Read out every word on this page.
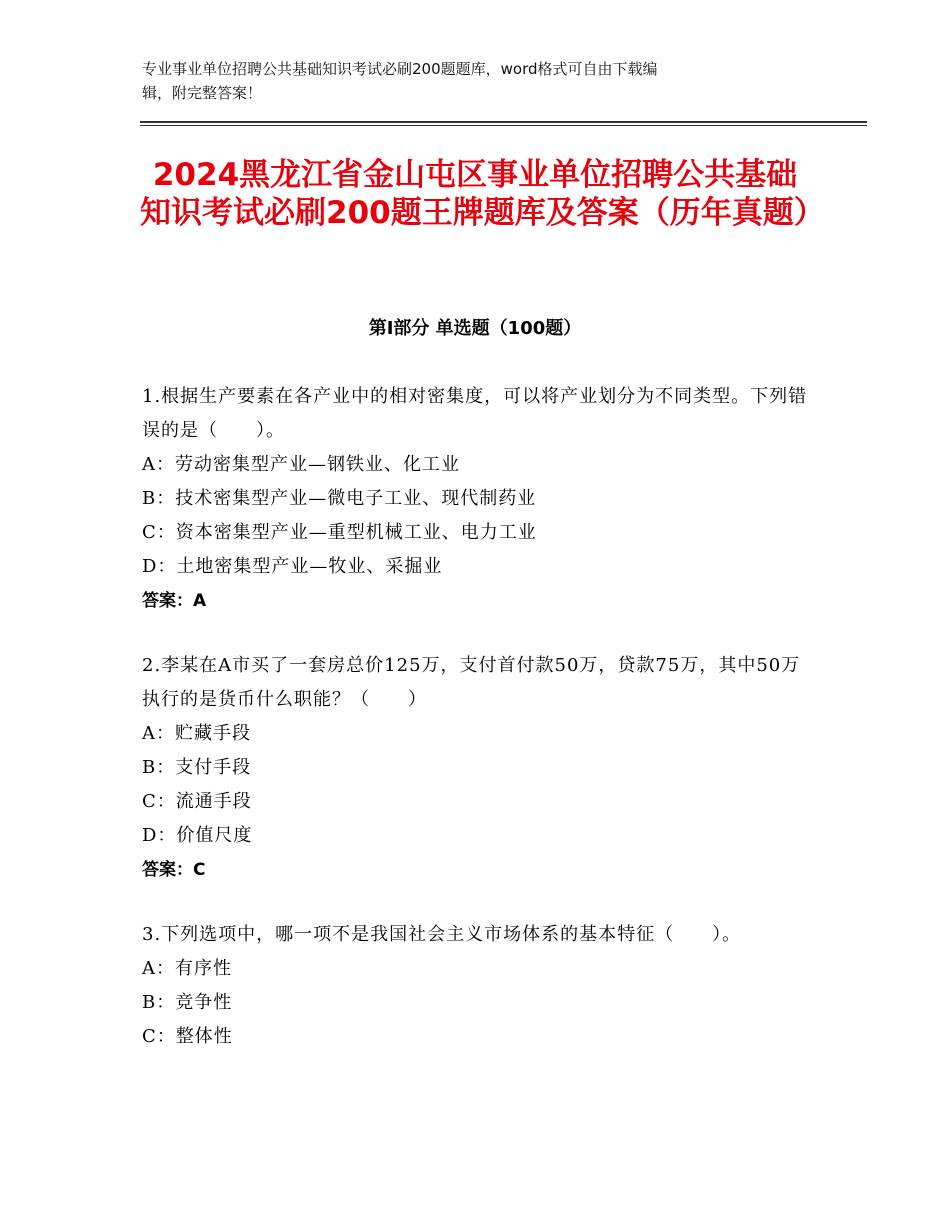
专业事业单位招聘公共基础知识考试必刷200题题库，word格式可自由下载编
辑，附完整答案！
2024黑龙江省金山屯区事业单位招聘公共基础知识考试必刷200题王牌题库及答案（历年真题）
第Ⅰ部分 单选题（100题）

1.根据生产要素在各产业中的相对密集度，可以将产业划分为不同类型。下列错误的是（　　）。

A：劳动密集型产业—钢铁业、化工业

B：技术密集型产业—微电子工业、现代制药业

C：资本密集型产业—重型机械工业、电力工业

D：土地密集型产业—牧业、采掘业

答案：A

2.李某在A市买了一套房总价125万，支付首付款50万，贷款75万，其中50万执行的是货币什么职能？（　　）

A：贮藏手段

B：支付手段

C：流通手段

D：价值尺度

答案：C

3.下列选项中，哪一项不是我国社会主义市场体系的基本特征（　　）。

A：有序性

B：竞争性

C：整体性
